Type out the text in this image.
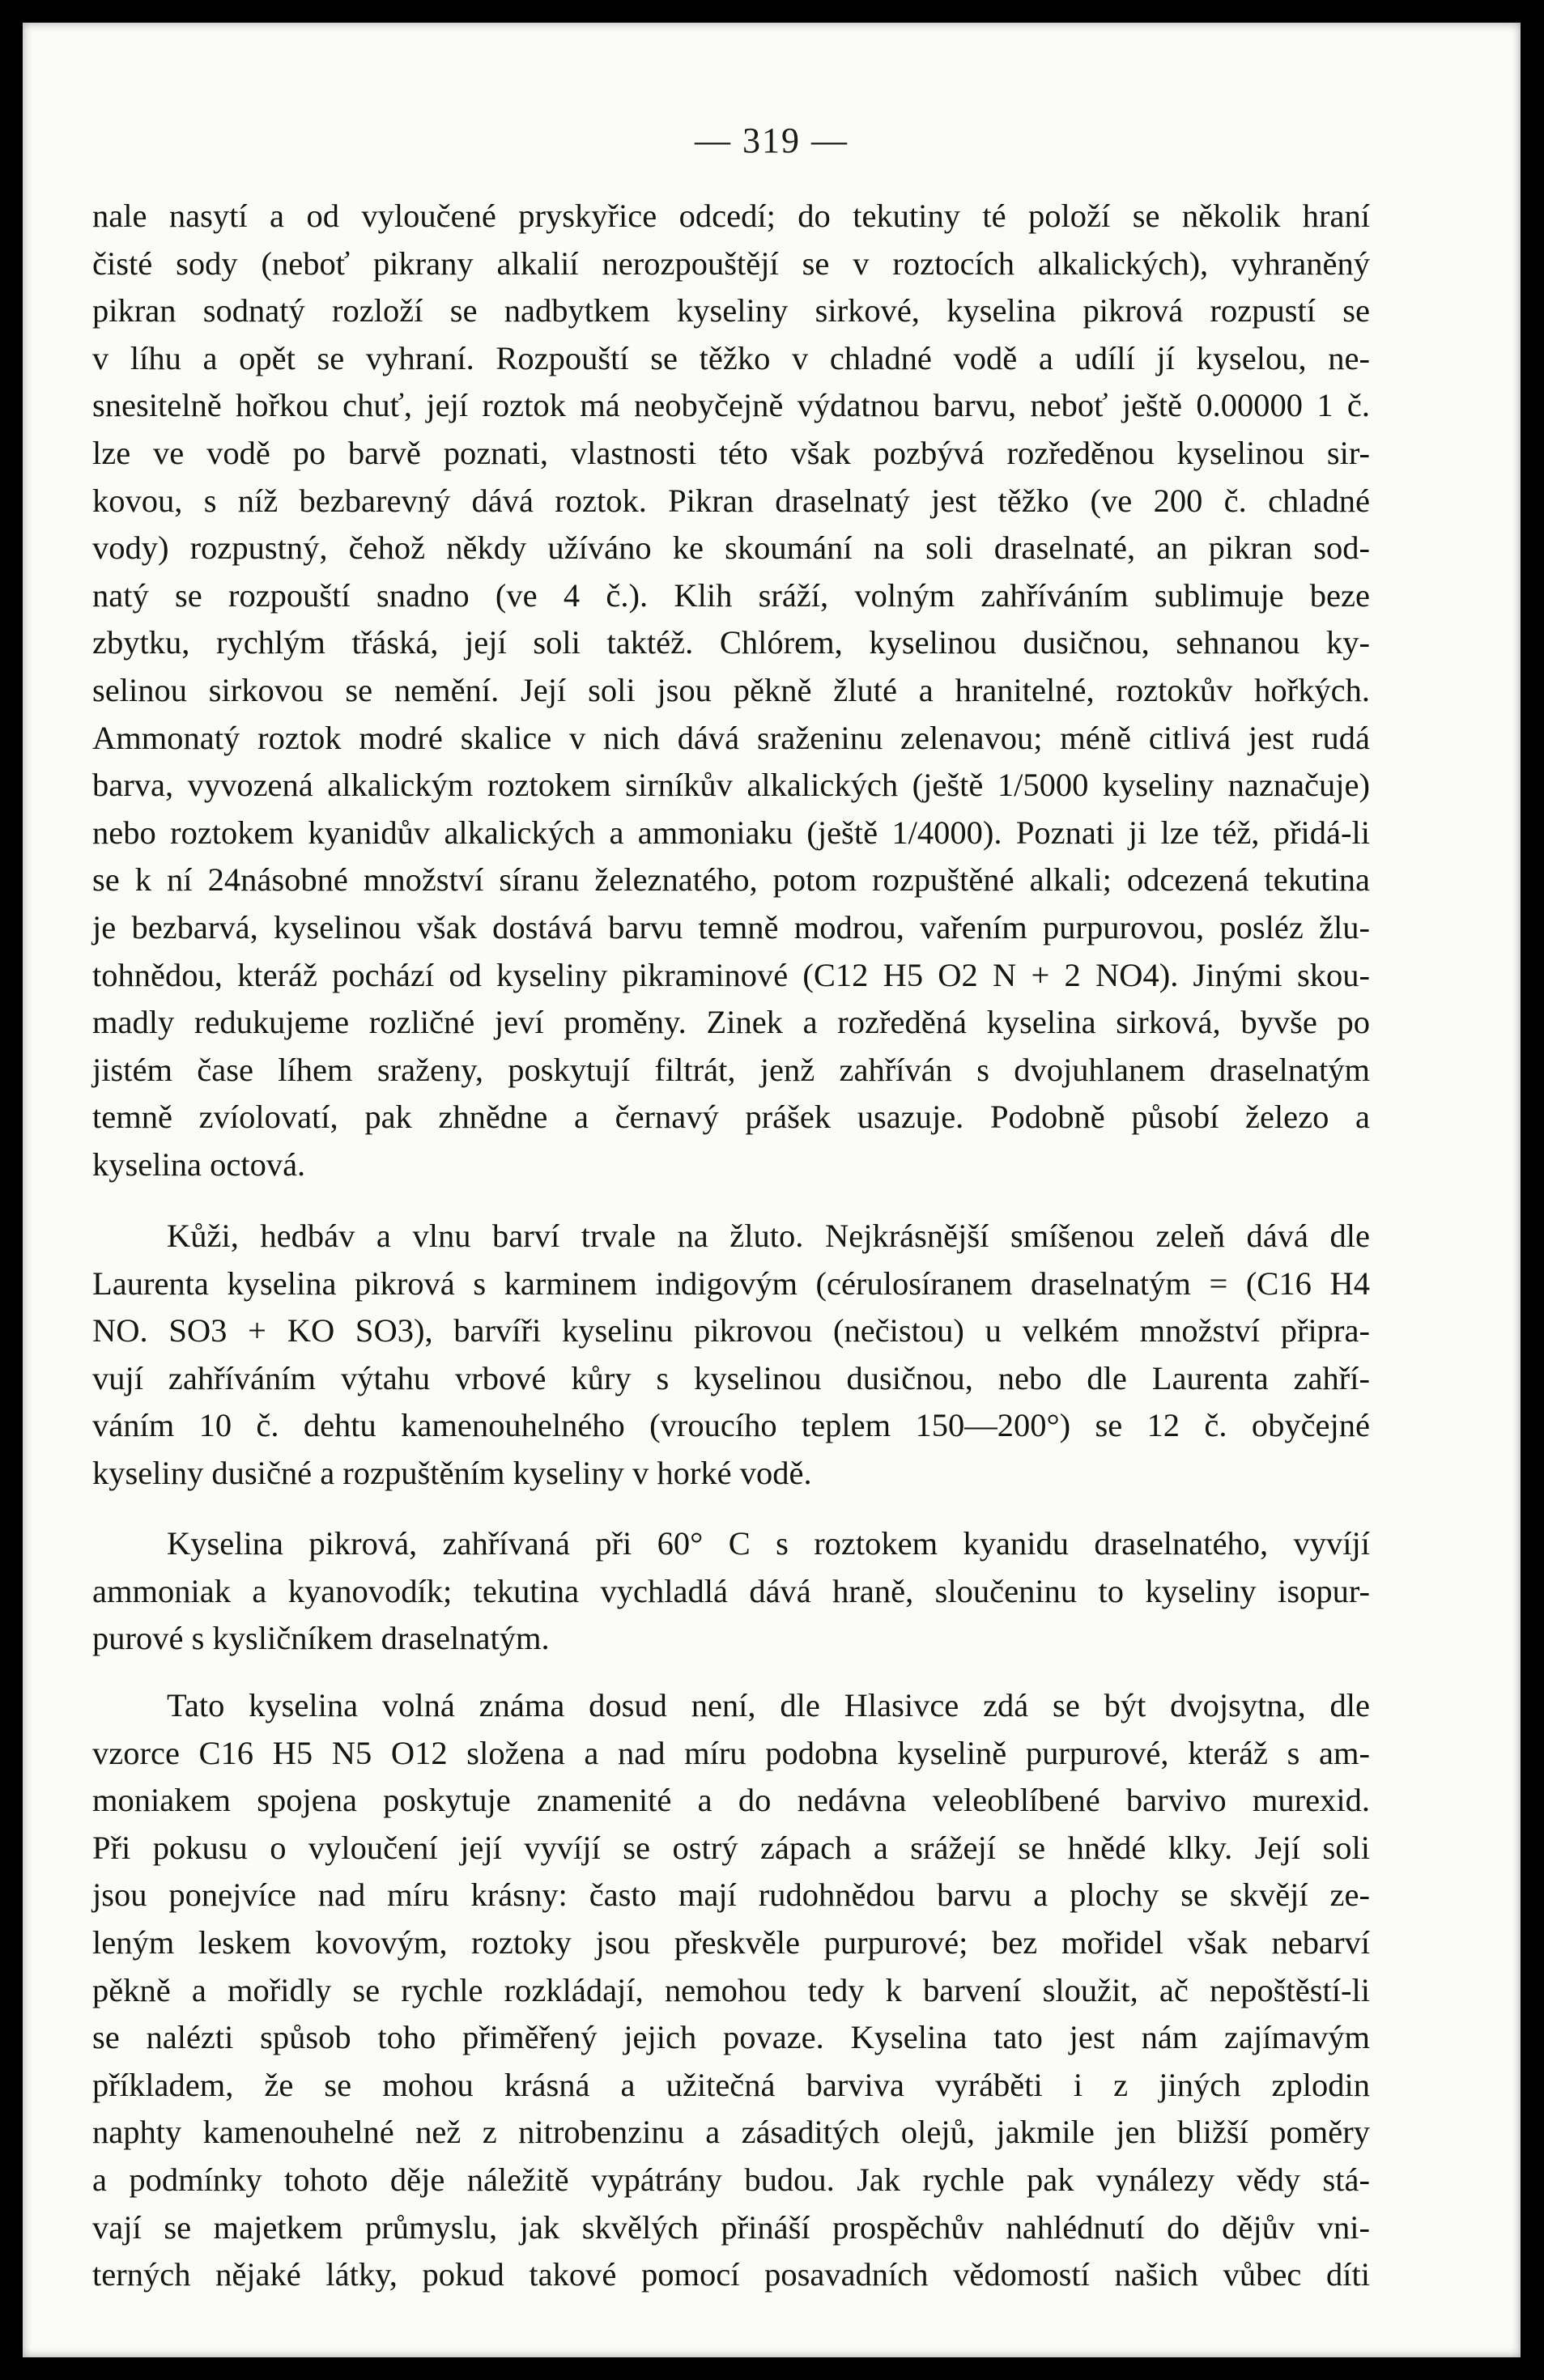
— 319 —
nale nasytí a od vyloučené pryskyřice odcedí; do tekutiny té položí se několik hraní
čisté sody (neboť pikrany alkalií nerozpouštějí se v roztocích alkalických), vyhraněný
pikran sodnatý rozloží se nadbytkem kyseliny sirkové, kyselina pikrová rozpustí se
v líhu a opět se vyhraní. Rozpouští se těžko v chladné vodě a udílí jí kyselou, ne-
snesitelně hořkou chuť, její roztok má neobyčejně výdatnou barvu, neboť ještě 0.00000 1 č.
lze ve vodě po barvě poznati, vlastnosti této však pozbývá rozředěnou kyselinou sir-
kovou, s níž bezbarevný dává roztok. Pikran draselnatý jest těžko (ve 200 č. chladné
vody) rozpustný, čehož někdy užíváno ke skoumání na soli draselnaté, an pikran sod-
natý se rozpouští snadno (ve 4 č.). Klih sráží, volným zahříváním sublimuje beze
zbytku, rychlým třáská, její soli taktéž. Chlórem, kyselinou dusičnou, sehnanou ky-
selinou sirkovou se nemění. Její soli jsou pěkně žluté a hranitelné, roztokův hořkých.
Ammonatý roztok modré skalice v nich dává sraženinu zelenavou; méně citlivá jest rudá
barva, vyvozená alkalickým roztokem sirníkův alkalických (ještě 1/5000 kyseliny naznačuje)
nebo roztokem kyanidův alkalických a ammoniaku (ještě 1/4000). Poznati ji lze též, přidá-li
se k ní 24násobné množství síranu železnatého, potom rozpuštěné alkali; odcezená tekutina
je bezbarvá, kyselinou však dostává barvu temně modrou, vařením purpurovou, posléz žlu-
tohnědou, kteráž pochází od kyseliny pikraminové (C12 H5 O2 N + 2 NO4). Jinými skou-
madly redukujeme rozličné jeví proměny. Zinek a rozředěná kyselina sirková, byvše po
jistém čase líhem sraženy, poskytují filtrát, jenž zahříván s dvojuhlanem draselnatým
temně zvíolovatí, pak zhnědne a černavý prášek usazuje. Podobně působí železo a
kyselina octová.
Kůži, hedbáv a vlnu barví trvale na žluto. Nejkrásnější smíšenou zeleň dává dle
Laurenta kyselina pikrová s karminem indigovým (cérulosíranem draselnatým = (C16 H4
NO. SO3 + KO SO3), barvíři kyselinu pikrovou (nečistou) u velkém množství připra-
vují zahříváním výtahu vrbové kůry s kyselinou dusičnou, nebo dle Laurenta zahří-
váním 10 č. dehtu kamenouhelného (vroucího teplem 150—200°) se 12 č. obyčejné
kyseliny dusičné a rozpuštěním kyseliny v horké vodě.
Kyselina pikrová, zahřívaná při 60° C s roztokem kyanidu draselnatého, vyvíjí
ammoniak a kyanovodík; tekutina vychladlá dává hraně, sloučeninu to kyseliny isopur-
purové s kysličníkem draselnatým.
Tato kyselina volná známa dosud není, dle Hlasivce zdá se být dvojsytna, dle
vzorce C16 H5 N5 O12 složena a nad míru podobna kyselině purpurové, kteráž s am-
moniakem spojena poskytuje znamenité a do nedávna veleoblíbené barvivo murexid.
Při pokusu o vyloučení její vyvíjí se ostrý zápach a srážejí se hnědé klky. Její soli
jsou ponejvíce nad míru krásny: často mají rudohnědou barvu a plochy se skvějí ze-
leným leskem kovovým, roztoky jsou přeskvěle purpurové; bez mořidel však nebarví
pěkně a mořidly se rychle rozkládají, nemohou tedy k barvení sloužit, ač nepoštěstí-li
se nalézti spůsob toho přiměřený jejich povaze. Kyselina tato jest nám zajímavým
příkladem, že se mohou krásná a užitečná barviva vyráběti i z jiných zplodin
naphty kamenouhelné než z nitrobenzinu a zásaditých olejů, jakmile jen bližší poměry
a podmínky tohoto děje náležitě vypátrány budou. Jak rychle pak vynálezy vědy stá-
vají se majetkem průmyslu, jak skvělých přináší prospěchův nahlédnutí do dějův vni-
terných nějaké látky, pokud takové pomocí posavadních vědomostí našich vůbec díti
